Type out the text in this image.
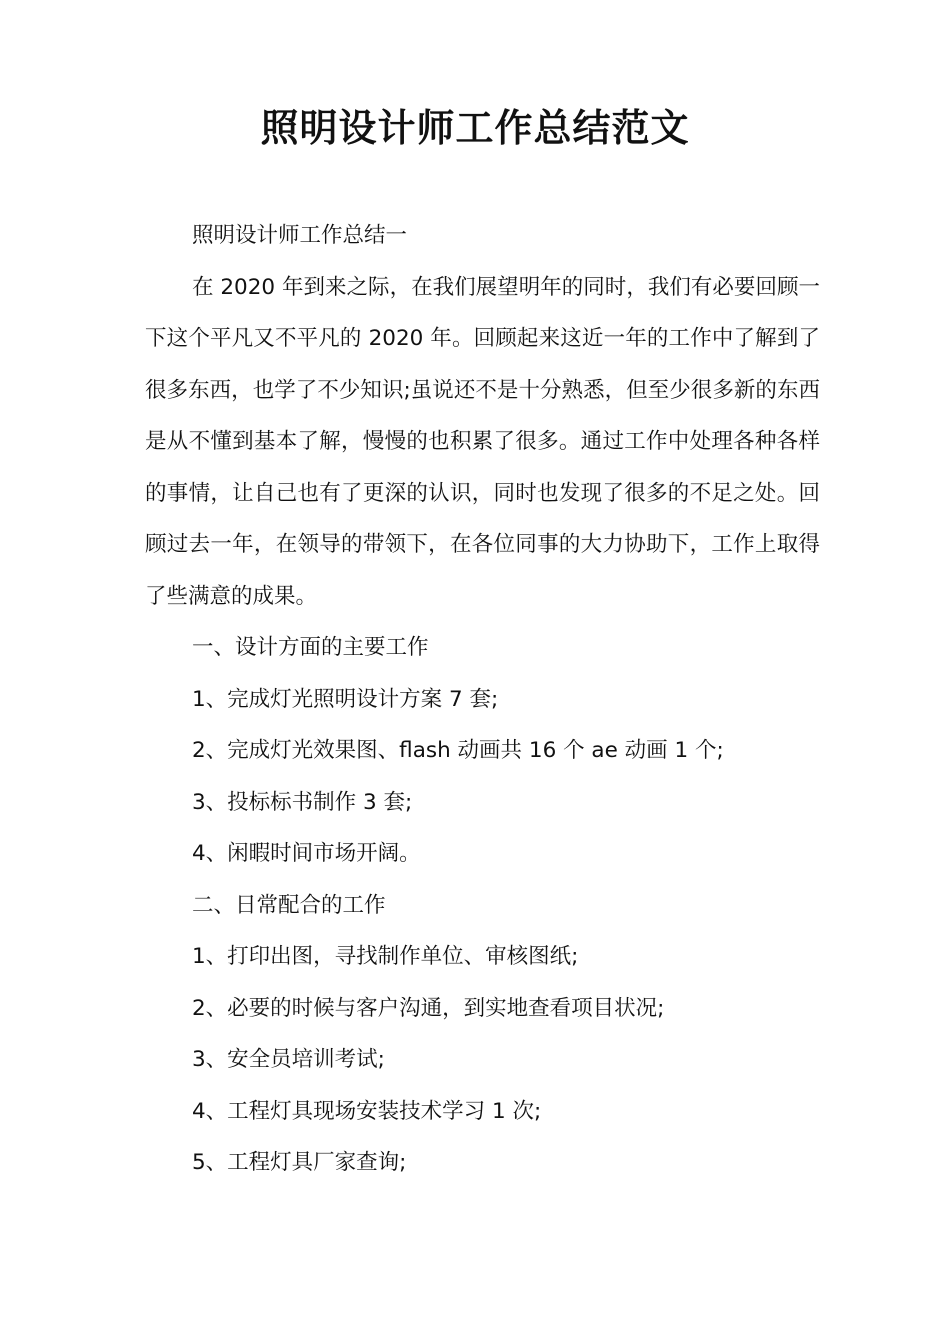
照明设计师工作总结范文

照明设计师工作总结一

在 2020 年到来之际，在我们展望明年的同时，我们有必要回顾一下这个平凡又不平凡的 2020 年。回顾起来这近一年的工作中了解到了很多东西，也学了不少知识;虽说还不是十分熟悉，但至少很多新的东西是从不懂到基本了解，慢慢的也积累了很多。通过工作中处理各种各样的事情，让自己也有了更深的认识，同时也发现了很多的不足之处。回顾过去一年，在领导的带领下，在各位同事的大力协助下，工作上取得了些满意的成果。

一、设计方面的主要工作

1、完成灯光照明设计方案 7 套;

2、完成灯光效果图、flash 动画共 16 个 ae 动画 1 个;

3、投标标书制作 3 套;

4、闲暇时间市场开阔。

二、日常配合的工作

1、打印出图，寻找制作单位、审核图纸;

2、必要的时候与客户沟通，到实地查看项目状况;

3、安全员培训考试;

4、工程灯具现场安装技术学习 1 次;

5、工程灯具厂家查询;
